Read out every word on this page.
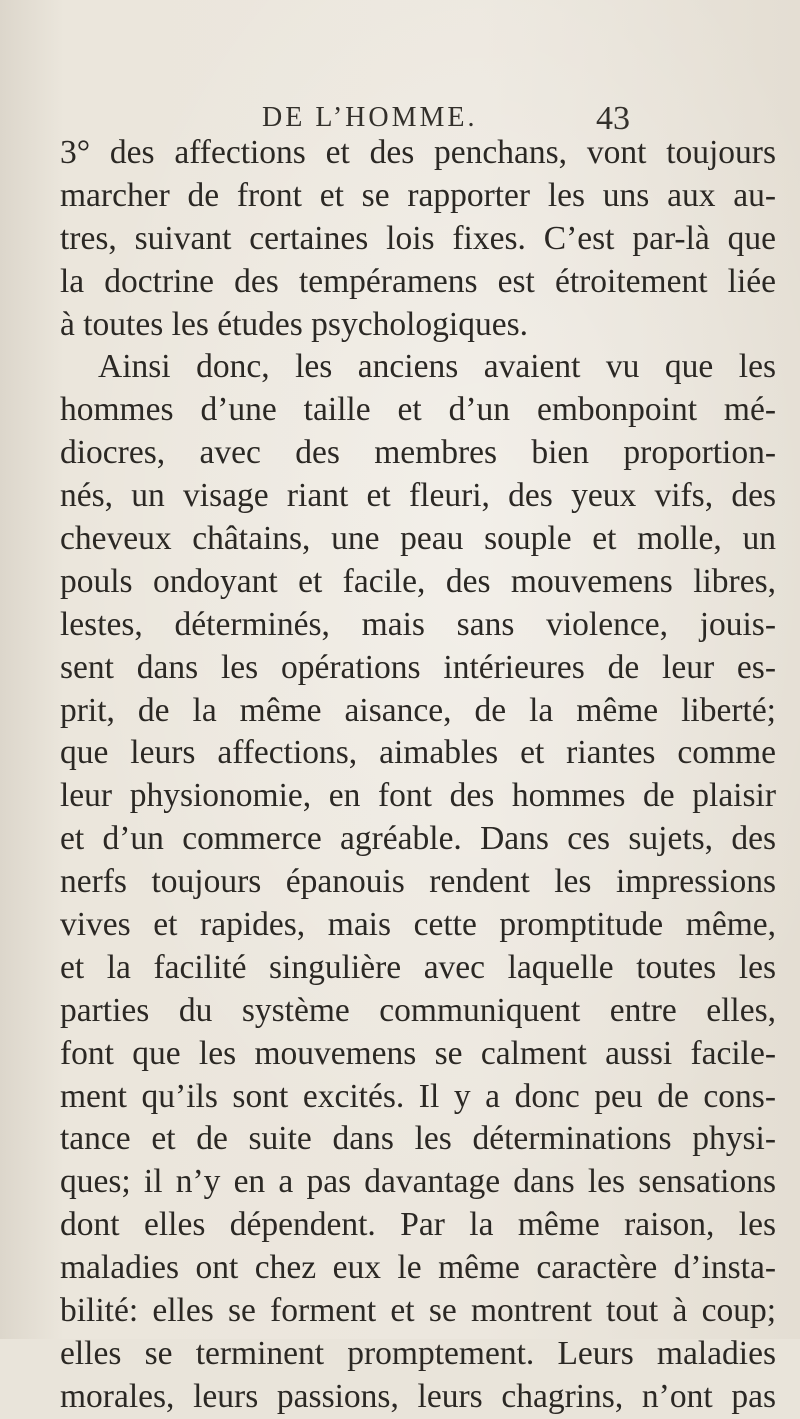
DE L’HOMME.	43
3° des affections et des penchans, vont toujours
marcher de front et se rapporter les uns aux au-
tres, suivant certaines lois fixes. C’est par-là que
la doctrine des tempéramens est étroitement liée
à toutes les études psychologiques.
Ainsi donc, les anciens avaient vu que les
hommes d’une taille et d’un embonpoint mé-
diocres, avec des membres bien proportion-
nés, un visage riant et fleuri, des yeux vifs, des
cheveux châtains, une peau souple et molle, un
pouls ondoyant et facile, des mouvemens libres,
lestes, déterminés, mais sans violence, jouis-
sent dans les opérations intérieures de leur es-
prit, de la même aisance, de la même liberté;
que leurs affections, aimables et riantes comme
leur physionomie, en font des hommes de plaisir
et d’un commerce agréable. Dans ces sujets, des
nerfs toujours épanouis rendent les impressions
vives et rapides, mais cette promptitude même,
et la facilité singulière avec laquelle toutes les
parties du système communiquent entre elles,
font que les mouvemens se calment aussi facile-
ment qu’ils sont excités. Il y a donc peu de cons-
tance et de suite dans les déterminations physi-
ques; il n’y en a pas davantage dans les sensations
dont elles dépendent. Par la même raison, les
maladies ont chez eux le même caractère d’insta-
bilité: elles se forment et se montrent tout à coup;
elles se terminent promptement. Leurs maladies
morales, leurs passions, leurs chagrins, n’ont pas
